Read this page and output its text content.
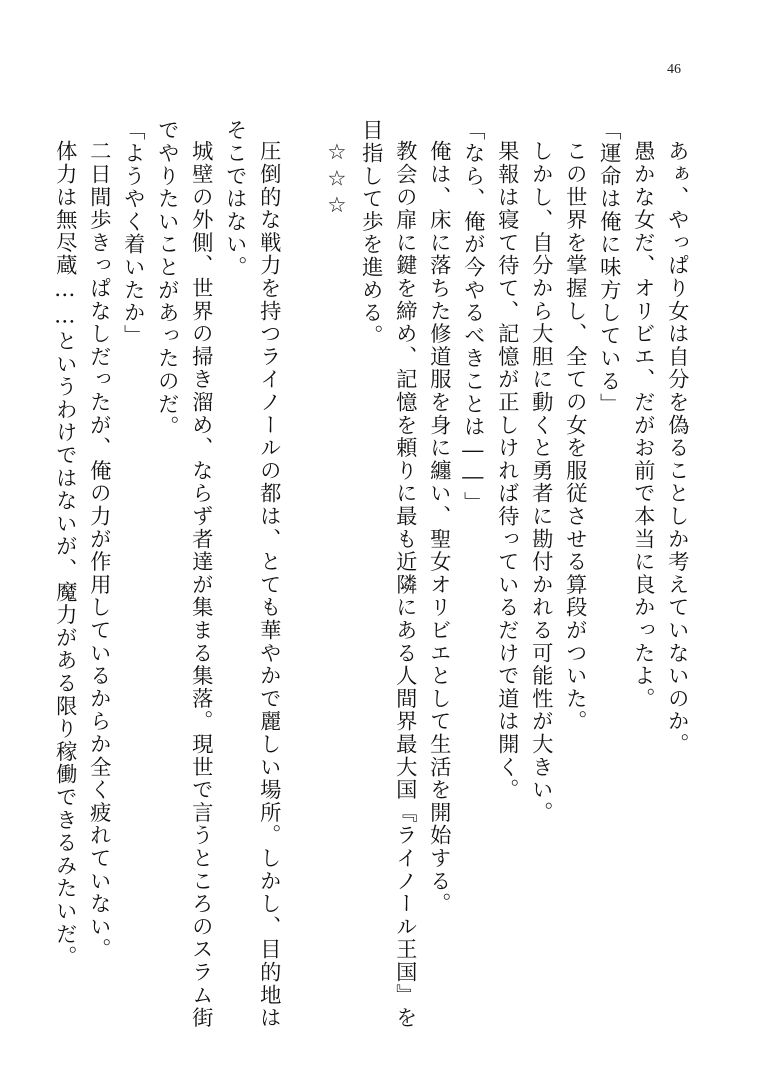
46

あぁ、やっぱり女は自分を偽ることしか考えていないのか。

愚かな女だ、オリビエ、だがお前で本当に良かったよ。

「運命は俺に味方している」

この世界を掌握し、全ての女を服従させる算段がついた。

しかし、自分から大胆に動くと勇者に勘付かれる可能性が大きい。

果報は寝て待て、記憶が正しければ待っているだけで道は開く。

「なら、俺が今やるべきことは――」

俺は、床に落ちた修道服を身に纏い、聖女オリビエとして生活を開始する。

教会の扉に鍵を締め、記憶を頼りに最も近隣にある人間界最大国『ライノール王国』を

目指して歩を進める。

☆☆☆

圧倒的な戦力を持つライノールの都は、とても華やかで麗しい場所。しかし、目的地は

そこではない。

城壁の外側、世界の掃き溜め、ならず者達が集まる集落。現世で言うところのスラム街

でやりたいことがあったのだ。

「ようやく着いたか」

二日間歩きっぱなしだったが、俺の力が作用しているからか全く疲れていない。

体力は無尽蔵……というわけではないが、魔力がある限り稼働できるみたいだ。
